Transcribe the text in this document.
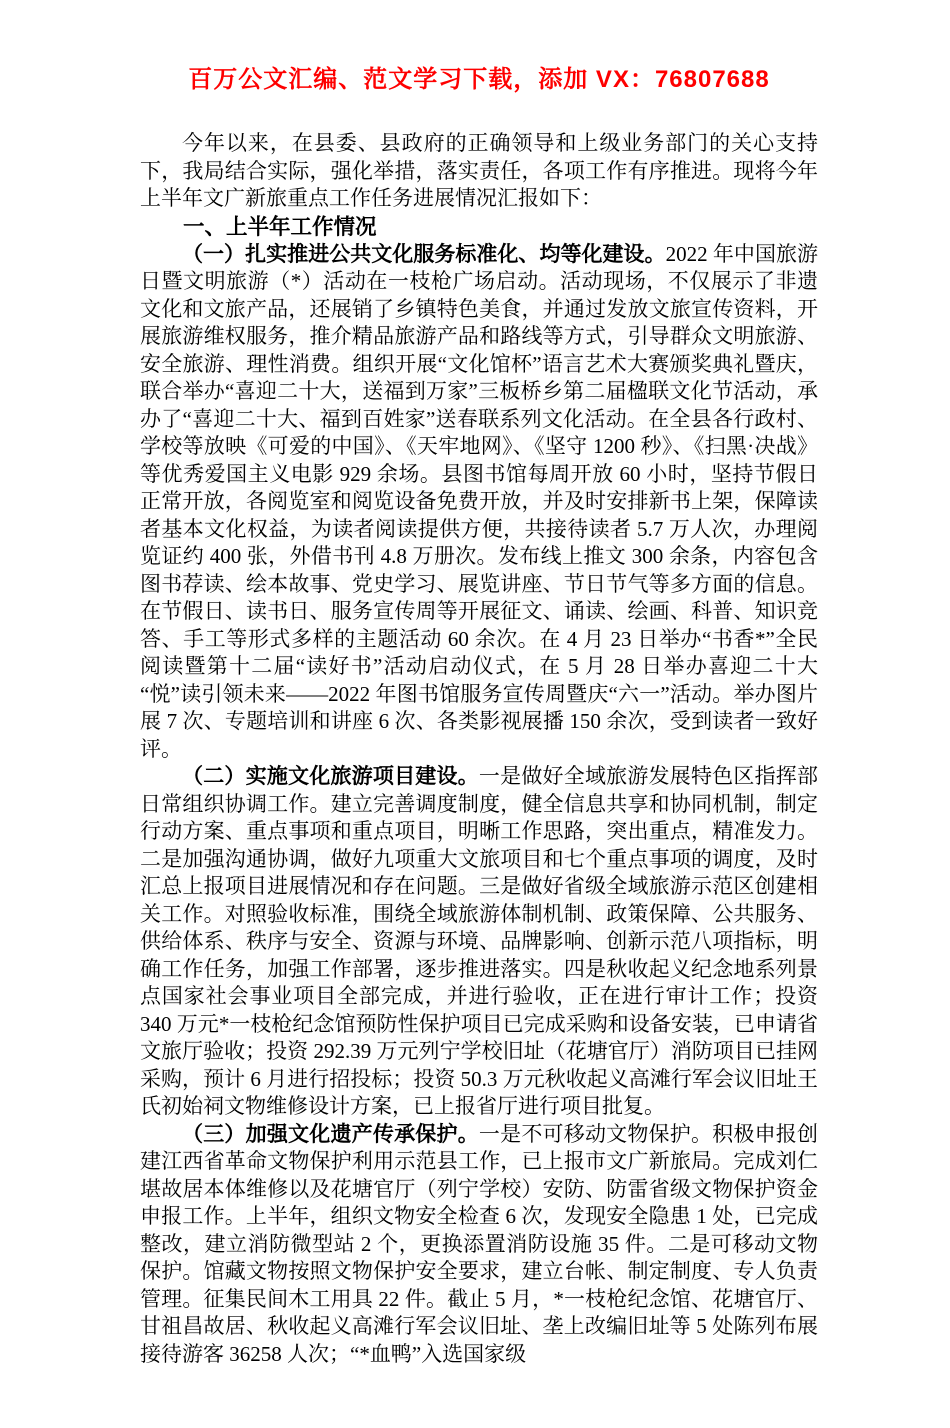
百万公文汇编、范文学习下载，添加 VX：76807688

今年以来，在县委、县政府的正确领导和上级业务部门的关心支持下，我局结合实际，强化举措，落实责任，各项工作有序推进。现将今年上半年文广新旅重点工作任务进展情况汇报如下：

一、上半年工作情况

（一）扎实推进公共文化服务标准化、均等化建设。2022 年中国旅游日暨文明旅游（*）活动在一枝枪广场启动。活动现场，不仅展示了非遗文化和文旅产品，还展销了乡镇特色美食，并通过发放文旅宣传资料，开展旅游维权服务，推介精品旅游产品和路线等方式，引导群众文明旅游、安全旅游、理性消费。组织开展“文化馆杯”语言艺术大赛颁奖典礼暨庆，联合举办“喜迎二十大，送福到万家”三板桥乡第二届楹联文化节活动，承办了“喜迎二十大、福到百姓家”送春联系列文化活动。在全县各行政村、学校等放映《可爱的中国》、《天牢地网》、《坚守 1200 秒》、《扫黑·决战》等优秀爱国主义电影 929 余场。县图书馆每周开放 60 小时，坚持节假日正常开放，各阅览室和阅览设备免费开放，并及时安排新书上架，保障读者基本文化权益，为读者阅读提供方便，共接待读者 5.7 万人次，办理阅览证约 400 张，外借书刊 4.8 万册次。发布线上推文 300 余条，内容包含图书荐读、绘本故事、党史学习、展览讲座、节日节气等多方面的信息。在节假日、读书日、服务宣传周等开展征文、诵读、绘画、科普、知识竞答、手工等形式多样的主题活动 60 余次。在 4 月 23 日举办“书香*”全民阅读暨第十二届“读好书”活动启动仪式，在 5 月 28 日举办喜迎二十大 “悦”读引领未来——2022 年图书馆服务宣传周暨庆“六一”活动。举办图片展 7 次、专题培训和讲座 6 次、各类影视展播 150 余次，受到读者一致好评。

（二）实施文化旅游项目建设。一是做好全域旅游发展特色区指挥部日常组织协调工作。建立完善调度制度，健全信息共享和协同机制，制定行动方案、重点事项和重点项目，明晰工作思路，突出重点，精准发力。二是加强沟通协调，做好九项重大文旅项目和七个重点事项的调度，及时汇总上报项目进展情况和存在问题。三是做好省级全域旅游示范区创建相关工作。对照验收标准，围绕全域旅游体制机制、政策保障、公共服务、供给体系、秩序与安全、资源与环境、品牌影响、创新示范八项指标，明确工作任务，加强工作部署，逐步推进落实。四是秋收起义纪念地系列景点国家社会事业项目全部完成，并进行验收，正在进行审计工作；投资 340 万元*一枝枪纪念馆预防性保护项目已完成采购和设备安装，已申请省文旅厅验收；投资 292.39 万元列宁学校旧址（花塘官厅）消防项目已挂网采购，预计 6 月进行招投标；投资 50.3 万元秋收起义高滩行军会议旧址王氏初始祠文物维修设计方案，已上报省厅进行项目批复。

（三）加强文化遗产传承保护。一是不可移动文物保护。积极申报创建江西省革命文物保护利用示范县工作，已上报市文广新旅局。完成刘仁堪故居本体维修以及花塘官厅（列宁学校）安防、防雷省级文物保护资金申报工作。上半年，组织文物安全检查 6 次，发现安全隐患 1 处，已完成整改，建立消防微型站 2 个，更换添置消防设施 35 件。二是可移动文物保护。馆藏文物按照文物保护安全要求，建立台帐、制定制度、专人负责管理。征集民间木工用具 22 件。截止 5 月，*一枝枪纪念馆、花塘官厅、甘祖昌故居、秋收起义高滩行军会议旧址、垄上改编旧址等 5 处陈列布展接待游客 36258 人次；“*血鸭”入选国家级
